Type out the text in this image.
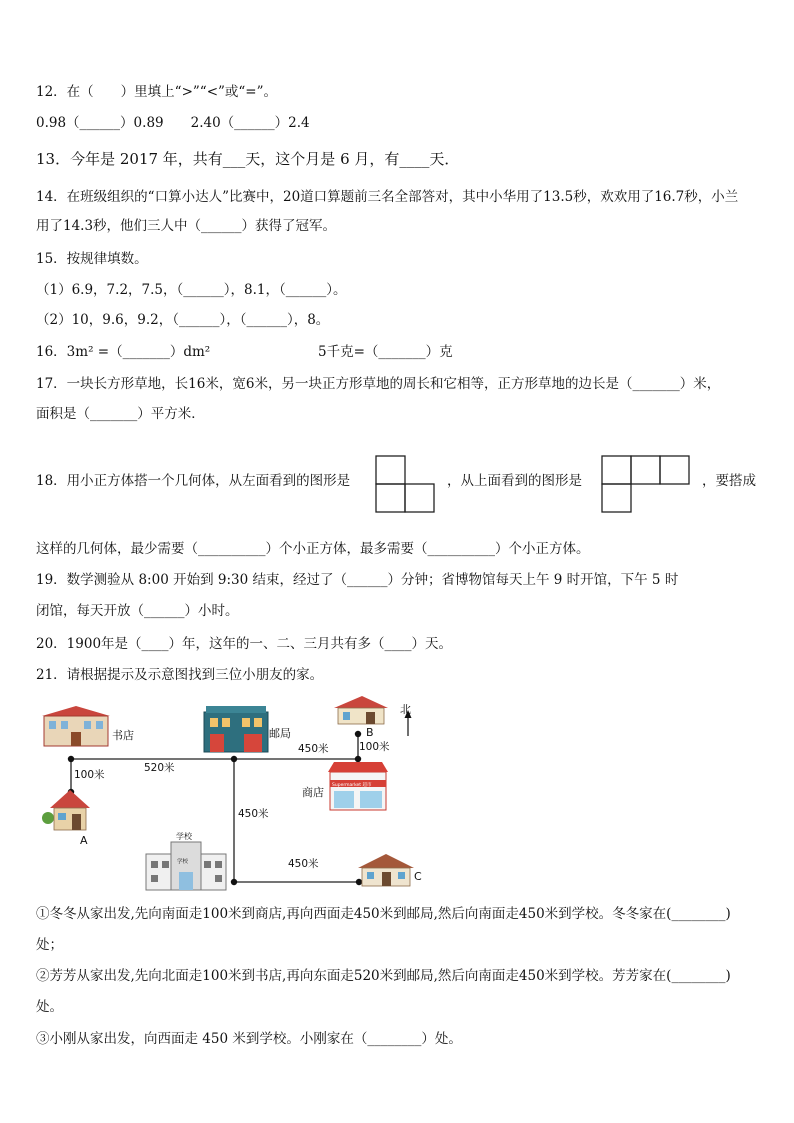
12．在（　　）里填上“>”“<”或“=”。
0.98（______）0.89　　2.40（______）2.4
13．今年是 2017 年，共有___天，这个月是 6 月，有____天．
14．在班级组织的“口算小达人”比赛中，20道口算题前三名全部答对，其中小华用了13.5秒，欢欢用了16.7秒，小兰
用了14.3秒，他们三人中（______）获得了冠军。
15．按规律填数。
（1）6.9，7.2，7.5，（______），8.1，（______）。
（2）10，9.6，9.2，（______），（______），8。
16．3m² =（_______）dm²	5千克=（_______）克
17．一块长方形草地，长16米，宽6米，另一块正方形草地的周长和它相等，正方形草地的边长是（_______）米，
面积是（_______）平方米．
18．用小正方体搭一个几何体，从左面看到的图形是	，从上面看到的图形是	，要搭成
这样的几何体，最少需要（__________）个小正方体，最多需要（__________）个小正方体。
19．数学测验从 8:00 开始到 9:30 结束，经过了（______）分钟；省博物馆每天上午 9 时开馆，下午 5 时
闭馆，每天开放（______）小时。
20．1900年是（____）年，这年的一、二、三月共有多（____）天。
21．请根据提示及示意图找到三位小朋友的家。
书店	邮局	B
100米
北
100米
520米
450米
450米
450米
Supermarket 超市
商店
A
学校
学校
C
①冬冬从家出发,先向南面走100米到商店,再向西面走450米到邮局,然后向南面走450米到学校。冬冬家在(________)
处；
②芳芳从家出发,先向北面走100米到书店,再向东面走520米到邮局,然后向南面走450米到学校。芳芳家在(________)
处。
③小刚从家出发，向西面走 450 米到学校。小刚家在（________）处。
